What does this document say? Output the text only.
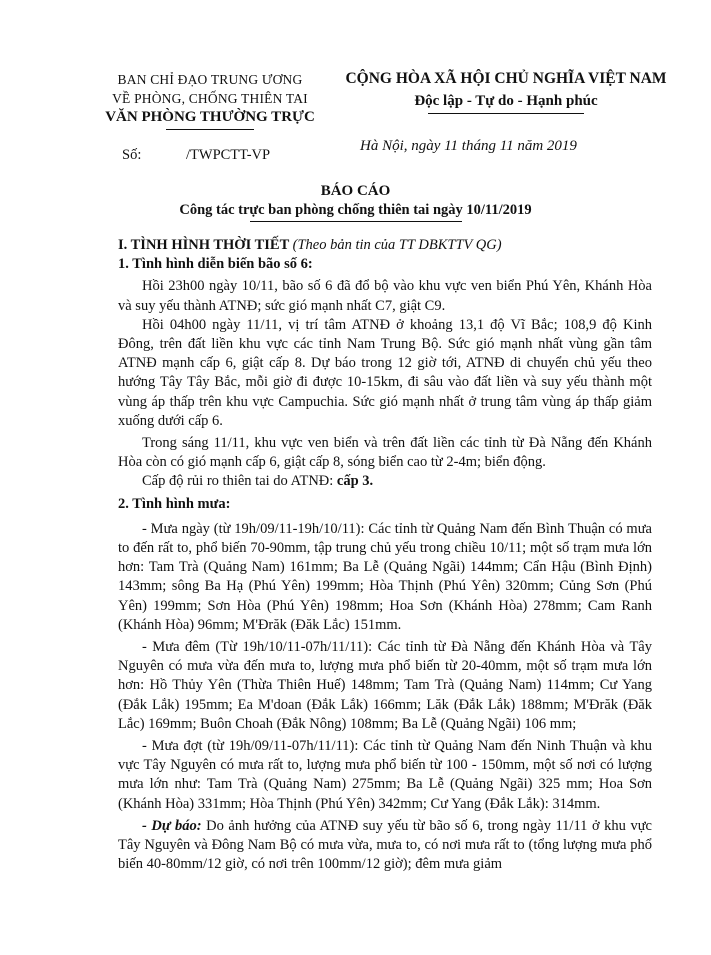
BAN CHỈ ĐẠO TRUNG ƯƠNG
VỀ PHÒNG, CHỐNG THIÊN TAI
VĂN PHÒNG THƯỜNG TRỰC
CỘNG HÒA XÃ HỘI CHỦ NGHĨA VIỆT NAM
Độc lập - Tự do - Hạnh phúc
Số:	/TWPCTT-VP
Hà Nội, ngày 11 tháng 11 năm 2019
BÁO CÁO
Công tác trực ban phòng chống thiên tai ngày 10/11/2019

I. TÌNH HÌNH THỜI TIẾT (Theo bản tin của TT DBKTTV QG)

1. Tình hình diễn biến bão số 6:

Hồi 23h00 ngày 10/11, bão số 6 đã đổ bộ vào khu vực ven biển Phú Yên, Khánh Hòa và suy yếu thành ATNĐ; sức gió mạnh nhất C7, giật C9.

Hồi 04h00 ngày 11/11, vị trí tâm ATNĐ ở khoảng 13,1 độ Vĩ Bắc; 108,9 độ Kinh Đông, trên đất liền khu vực các tỉnh Nam Trung Bộ. Sức gió mạnh nhất vùng gần tâm ATNĐ mạnh cấp 6, giật cấp 8. Dự báo trong 12 giờ tới, ATNĐ di chuyển chủ yếu theo hướng Tây Tây Bắc, mỗi giờ đi được 10-15km, đi sâu vào đất liền và suy yếu thành một vùng áp thấp trên khu vực Campuchia. Sức gió mạnh nhất ở trung tâm vùng áp thấp giảm xuống dưới cấp 6.

Trong sáng 11/11, khu vực ven biển và trên đất liền các tỉnh từ Đà Nẵng đến Khánh Hòa còn có gió mạnh cấp 6, giật cấp 8, sóng biển cao từ 2-4m; biển động.

Cấp độ rủi ro thiên tai do ATNĐ: cấp 3.

2. Tình hình mưa:

- Mưa ngày (từ 19h/09/11-19h/10/11): Các tỉnh từ Quảng Nam đến Bình Thuận có mưa to đến rất to, phổ biến 70-90mm, tập trung chủ yếu trong chiều 10/11; một số trạm mưa lớn hơn: Tam Trà (Quảng Nam) 161mm; Ba Lễ (Quảng Ngãi) 144mm; Cẩn Hậu (Bình Định) 143mm; sông Ba Hạ (Phú Yên) 199mm; Hòa Thịnh (Phú Yên) 320mm; Củng Sơn (Phú Yên) 199mm; Sơn Hòa (Phú Yên) 198mm; Hoa Sơn (Khánh Hòa) 278mm; Cam Ranh (Khánh Hòa) 96mm; M'Đrăk (Đăk Lắc) 151mm.

- Mưa đêm (Từ 19h/10/11-07h/11/11): Các tỉnh từ Đà Nẵng đến Khánh Hòa và Tây Nguyên có mưa vừa đến mưa to, lượng mưa phổ biến từ 20-40mm, một số trạm mưa lớn hơn: Hồ Thủy Yên (Thừa Thiên Huế) 148mm; Tam Trà (Quảng Nam) 114mm; Cư Yang (Đắk Lắk) 195mm; Ea M'doan (Đắk Lắk) 166mm; Lăk (Đắk Lắk) 188mm; M'Đrăk (Đăk Lắc) 169mm; Buôn Choah (Đắk Nông) 108mm; Ba Lễ (Quảng Ngãi) 106 mm;

- Mưa đợt (từ 19h/09/11-07h/11/11): Các tỉnh từ Quảng Nam đến Ninh Thuận và khu vực Tây Nguyên có mưa rất to, lượng mưa phổ biến từ 100 - 150mm, một số nơi có lượng mưa lớn như: Tam Trà (Quảng Nam) 275mm; Ba Lễ (Quảng Ngãi) 325 mm; Hoa Sơn (Khánh Hòa) 331mm; Hòa Thịnh (Phú Yên) 342mm; Cư Yang (Đắk Lắk): 314mm.

- Dự báo: Do ảnh hưởng của ATNĐ suy yếu từ bão số 6, trong ngày 11/11 ở khu vực Tây Nguyên và Đông Nam Bộ có mưa vừa, mưa to, có nơi mưa rất to (tổng lượng mưa phổ biến 40-80mm/12 giờ, có nơi trên 100mm/12 giờ); đêm mưa giảm
